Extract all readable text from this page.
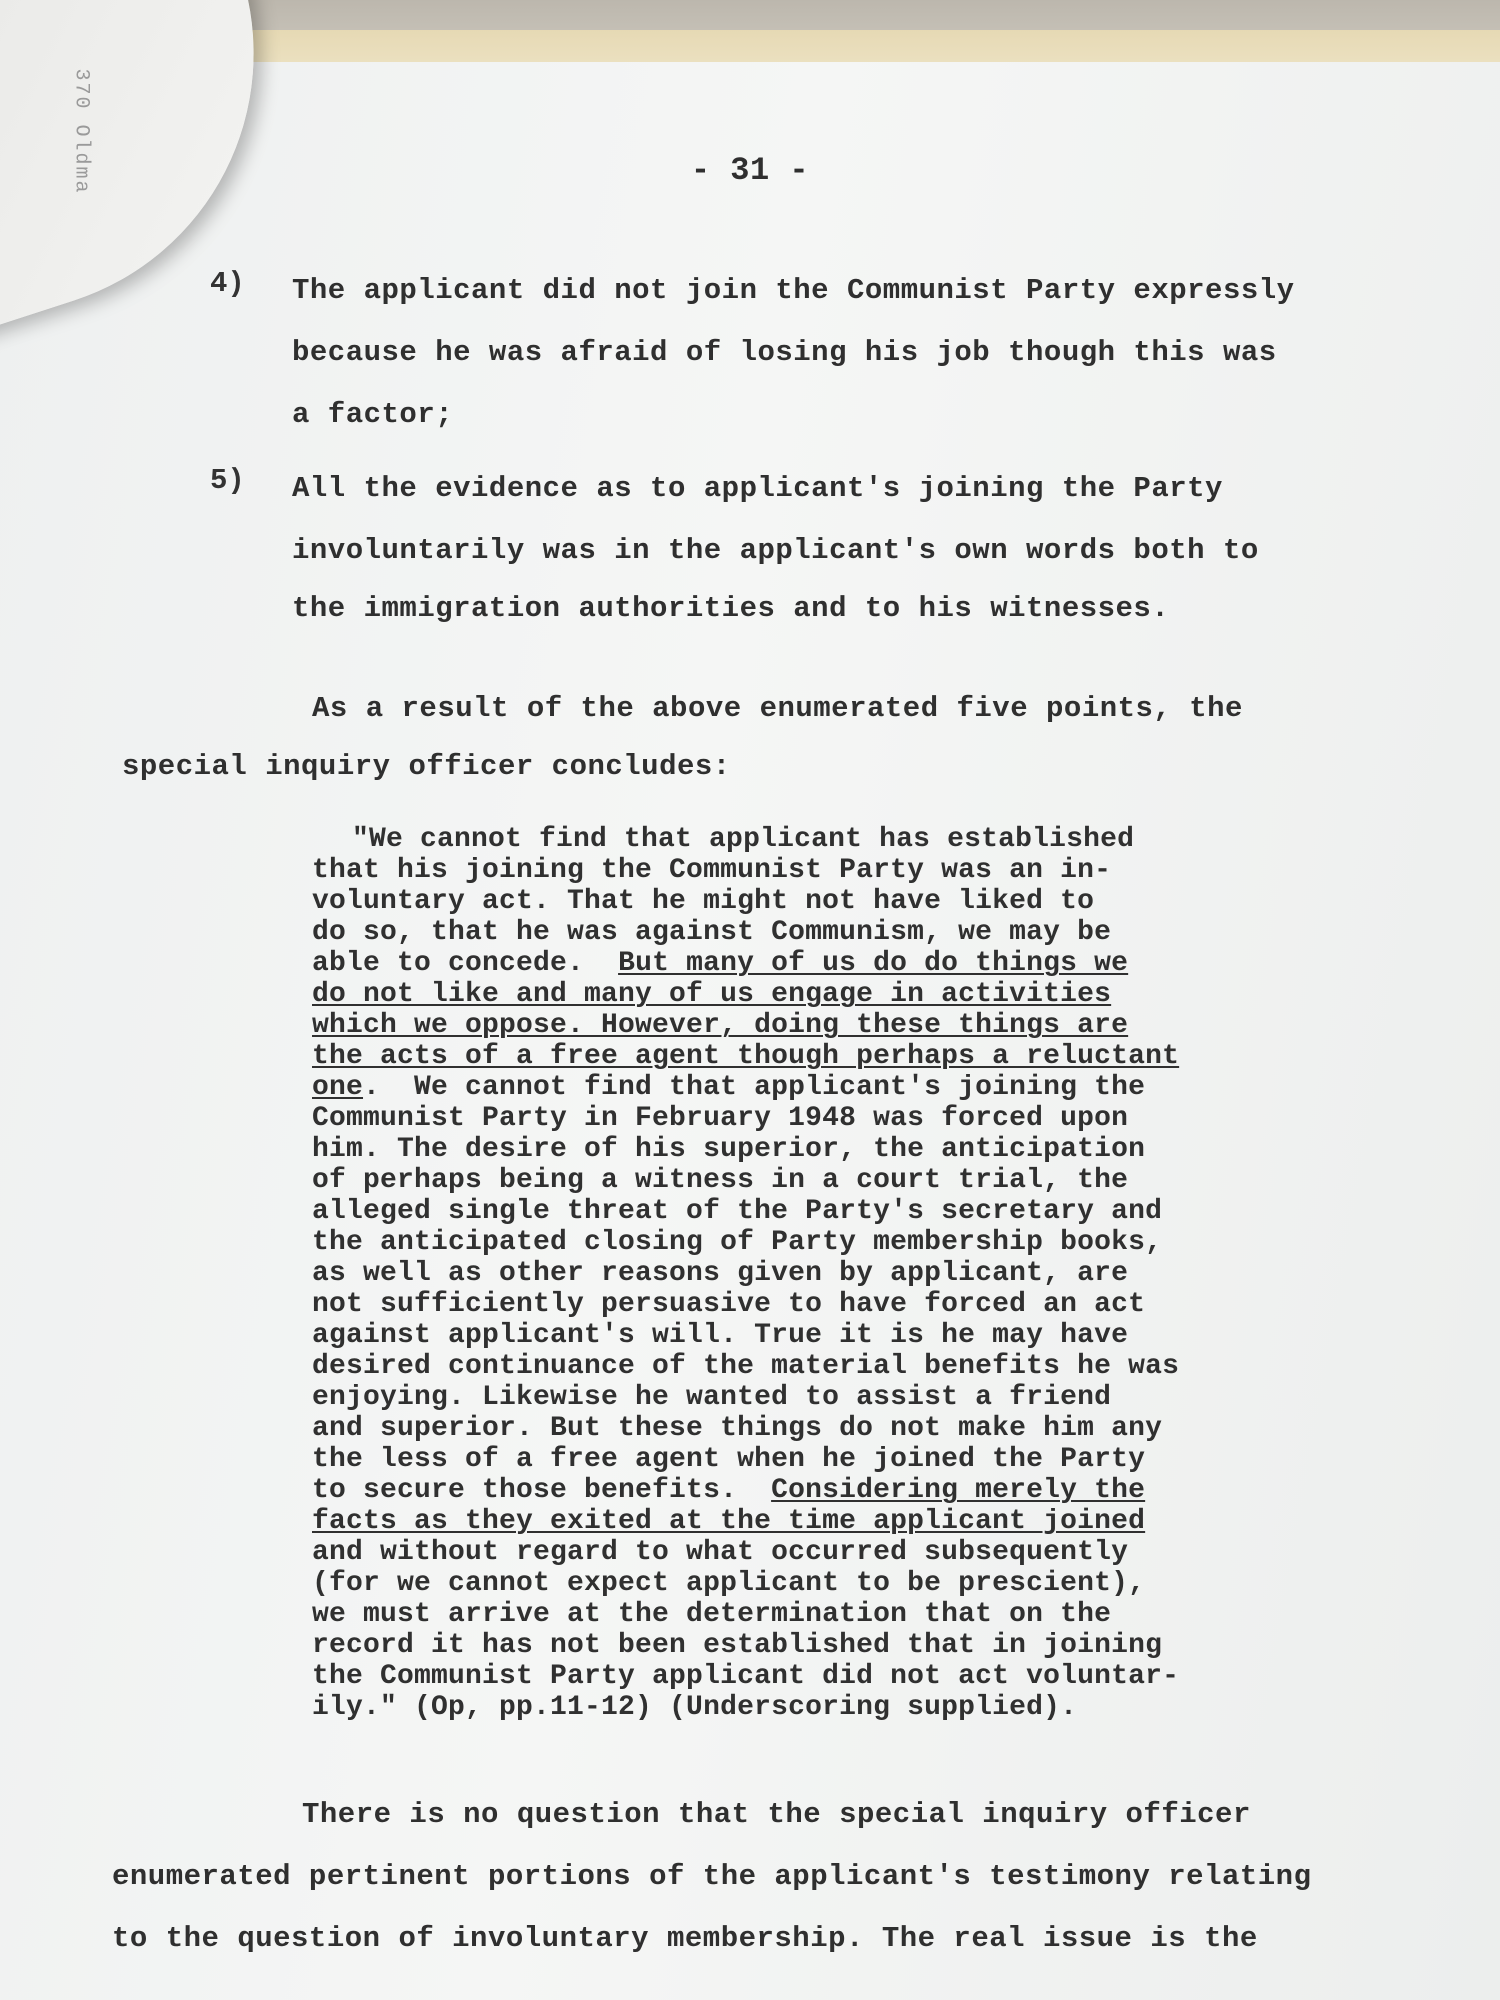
- 31 -
4) The applicant did not join the Communist Party expressly
because he was afraid of losing his job though this was
a factor;
5) All the evidence as to applicant's joining the Party
involuntarily was in the applicant's own words both to
the immigration authorities and to his witnesses.
As a result of the above enumerated five points, the
special inquiry officer concludes:
"We cannot find that applicant has established
that his joining the Communist Party was an in-
voluntary act. That he might not have liked to
do so, that he was against Communism, we may be
able to concede.  But many of us do do things we
do not like and many of us engage in activities
which we oppose. However, doing these things are
the acts of a free agent though perhaps a reluctant
one.  We cannot find that applicant's joining the
Communist Party in February 1948 was forced upon
him. The desire of his superior, the anticipation
of perhaps being a witness in a court trial, the
alleged single threat of the Party's secretary and
the anticipated closing of Party membership books,
as well as other reasons given by applicant, are
not sufficiently persuasive to have forced an act
against applicant's will. True it is he may have
desired continuance of the material benefits he was
enjoying. Likewise he wanted to assist a friend
and superior. But these things do not make him any
the less of a free agent when he joined the Party
to secure those benefits.  Considering merely the
facts as they exited at the time applicant joined
and without regard to what occurred subsequently
(for we cannot expect applicant to be prescient),
we must arrive at the determination that on the
record it has not been established that in joining
the Communist Party applicant did not act voluntar-
ily." (Op, pp.11-12) (Underscoring supplied).
There is no question that the special inquiry officer
enumerated pertinent portions of the applicant's testimony relating
to the question of involuntary membership. The real issue is the
370 Oldma
